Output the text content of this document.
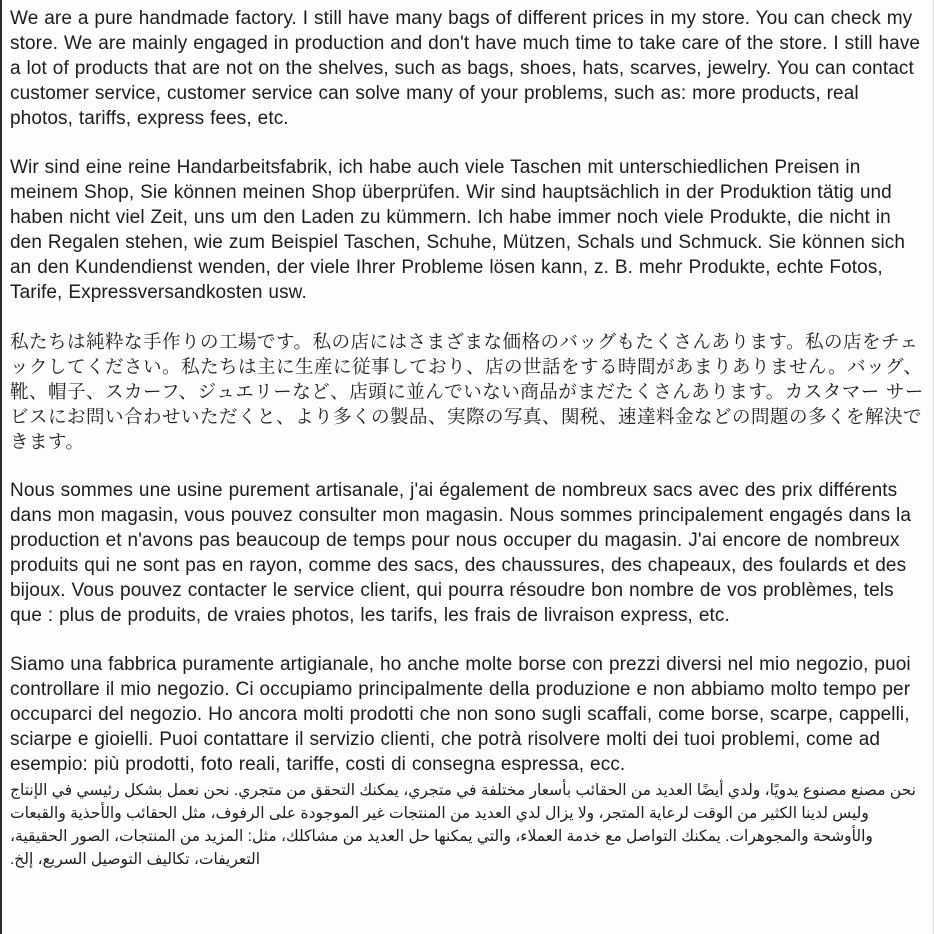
We are a pure handmade factory. I still have many bags of different prices in my store. You can check my store. We are mainly engaged in production and don't have much time to take care of the store. I still have a lot of products that are not on the shelves, such as bags, shoes, hats, scarves, jewelry. You can contact customer service, customer service can solve many of your problems, such as: more products, real photos, tariffs, express fees, etc.

Wir sind eine reine Handarbeitsfabrik, ich habe auch viele Taschen mit unterschiedlichen Preisen in meinem Shop, Sie können meinen Shop überprüfen. Wir sind hauptsächlich in der Produktion tätig und haben nicht viel Zeit, uns um den Laden zu kümmern. Ich habe immer noch viele Produkte, die nicht in den Regalen stehen, wie zum Beispiel Taschen, Schuhe, Mützen, Schals und Schmuck. Sie können sich an den Kundendienst wenden, der viele Ihrer Probleme lösen kann, z. B. mehr Produkte, echte Fotos, Tarife, Expressversandkosten usw.

私たちは純粋な手作りの工場です。私の店にはさまざまな価格のバッグもたくさんあります。私の店をチェックしてください。私たちは主に生産に従事しており、店の世話をする時間があまりありません。バッグ、靴、帽子、スカーフ、ジュエリーなど、店頭に並んでいない商品がまだたくさんあります。カスタマー サービスにお問い合わせいただくと、より多くの製品、実際の写真、関税、速達料金などの問題の多くを解決できます。

Nous sommes une usine purement artisanale, j'ai également de nombreux sacs avec des prix différents dans mon magasin, vous pouvez consulter mon magasin. Nous sommes principalement engagés dans la production et n'avons pas beaucoup de temps pour nous occuper du magasin. J'ai encore de nombreux produits qui ne sont pas en rayon, comme des sacs, des chaussures, des chapeaux, des foulards et des bijoux. Vous pouvez contacter le service client, qui pourra résoudre bon nombre de vos problèmes, tels que : plus de produits, de vraies photos, les tarifs, les frais de livraison express, etc.

Siamo una fabbrica puramente artigianale, ho anche molte borse con prezzi diversi nel mio negozio, puoi controllare il mio negozio. Ci occupiamo principalmente della produzione e non abbiamo molto tempo per occuparci del negozio. Ho ancora molti prodotti che non sono sugli scaffali, come borse, scarpe, cappelli, sciarpe e gioielli. Puoi contattare il servizio clienti, che potrà risolvere molti dei tuoi problemi, come ad esempio: più prodotti, foto reali, tariffe, costi di consegna espressa, ecc.

نحن مصنع مصنوع يدويًا، ولدي أيضًا العديد من الحقائب بأسعار مختلفة في متجري، يمكنك التحقق من متجري. نحن نعمل بشكل رئيسي في الإنتاج وليس لدينا الكثير من الوقت لرعاية المتجر، ولا يزال لدي العديد من المنتجات غير الموجودة على الرفوف، مثل الحقائب والأحذية والقبعات والأوشحة والمجوهرات. يمكنك التواصل مع خدمة العملاء، والتي يمكنها حل العديد من مشاكلك، مثل: المزيد من المنتجات، الصور الحقيقية، التعريفات، تكاليف التوصيل السريع، إلخ.
